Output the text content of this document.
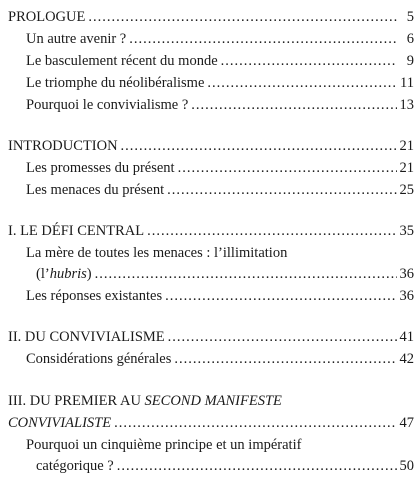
PROLOGUE .....	5
Un autre avenir ? .....	6
Le basculement récent du monde .....	9
Le triomphe du néolibéralisme .....	11
Pourquoi le convivialisme ? .....	13
INTRODUCTION .....	21
Les promesses du présent .....	21
Les menaces du présent .....	25
I. LE DÉFI CENTRAL .....	35
La mère de toutes les menaces : l’illimitation
(l’hubris) .....	36
Les réponses existantes .....	36
II. DU CONVIVIALISME .....	41
Considérations générales .....	42
III. DU PREMIER AU SECOND MANIFESTE
CONVIVIALISTE .....	47
Pourquoi un cinquième principe et un impératif
catégorique ? .....	50
